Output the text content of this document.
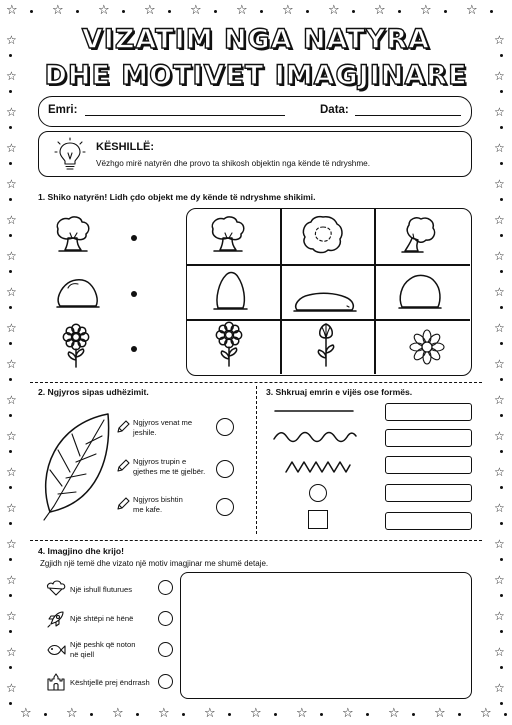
☆	☆	☆	☆	☆	☆	☆	☆	☆	☆	☆
☆	☆	☆	☆	☆	☆	☆	☆	☆	☆	☆
☆
☆
☆
☆
☆
☆
☆
☆
☆
☆
☆
☆
☆
☆
☆
☆
☆
☆
☆
☆
☆
☆
☆
☆
☆
☆
☆
☆
☆
☆
☆
☆
☆
☆
☆
☆
☆
☆
VIZATIM NGA NATYRA
DHE MOTIVET IMAGJINARE
Emri:	Data:
KËSHILLË:
Vëzhgo mirë natyrën dhe provo ta shikosh objektin nga kënde të ndryshme.
1. Shiko natyrën! Lidh çdo objekt me dy kënde të ndryshme shikimi.
2. Ngjyros sipas udhëzimit.
Ngjyros venat me jeshile.
Ngjyros trupin e gjethes me të gjelbër.
Ngjyros bishtin me kafe.
3. Shkruaj emrin e vijës ose formës.
4. Imagjino dhe krijo!
Zgjidh një temë dhe vizato një motiv imagjinar me shumë detaje.
Një ishull fluturues
Një shtëpi në hënë
Një peshk që noton në qiell
Kështjellë prej ëndrrash
